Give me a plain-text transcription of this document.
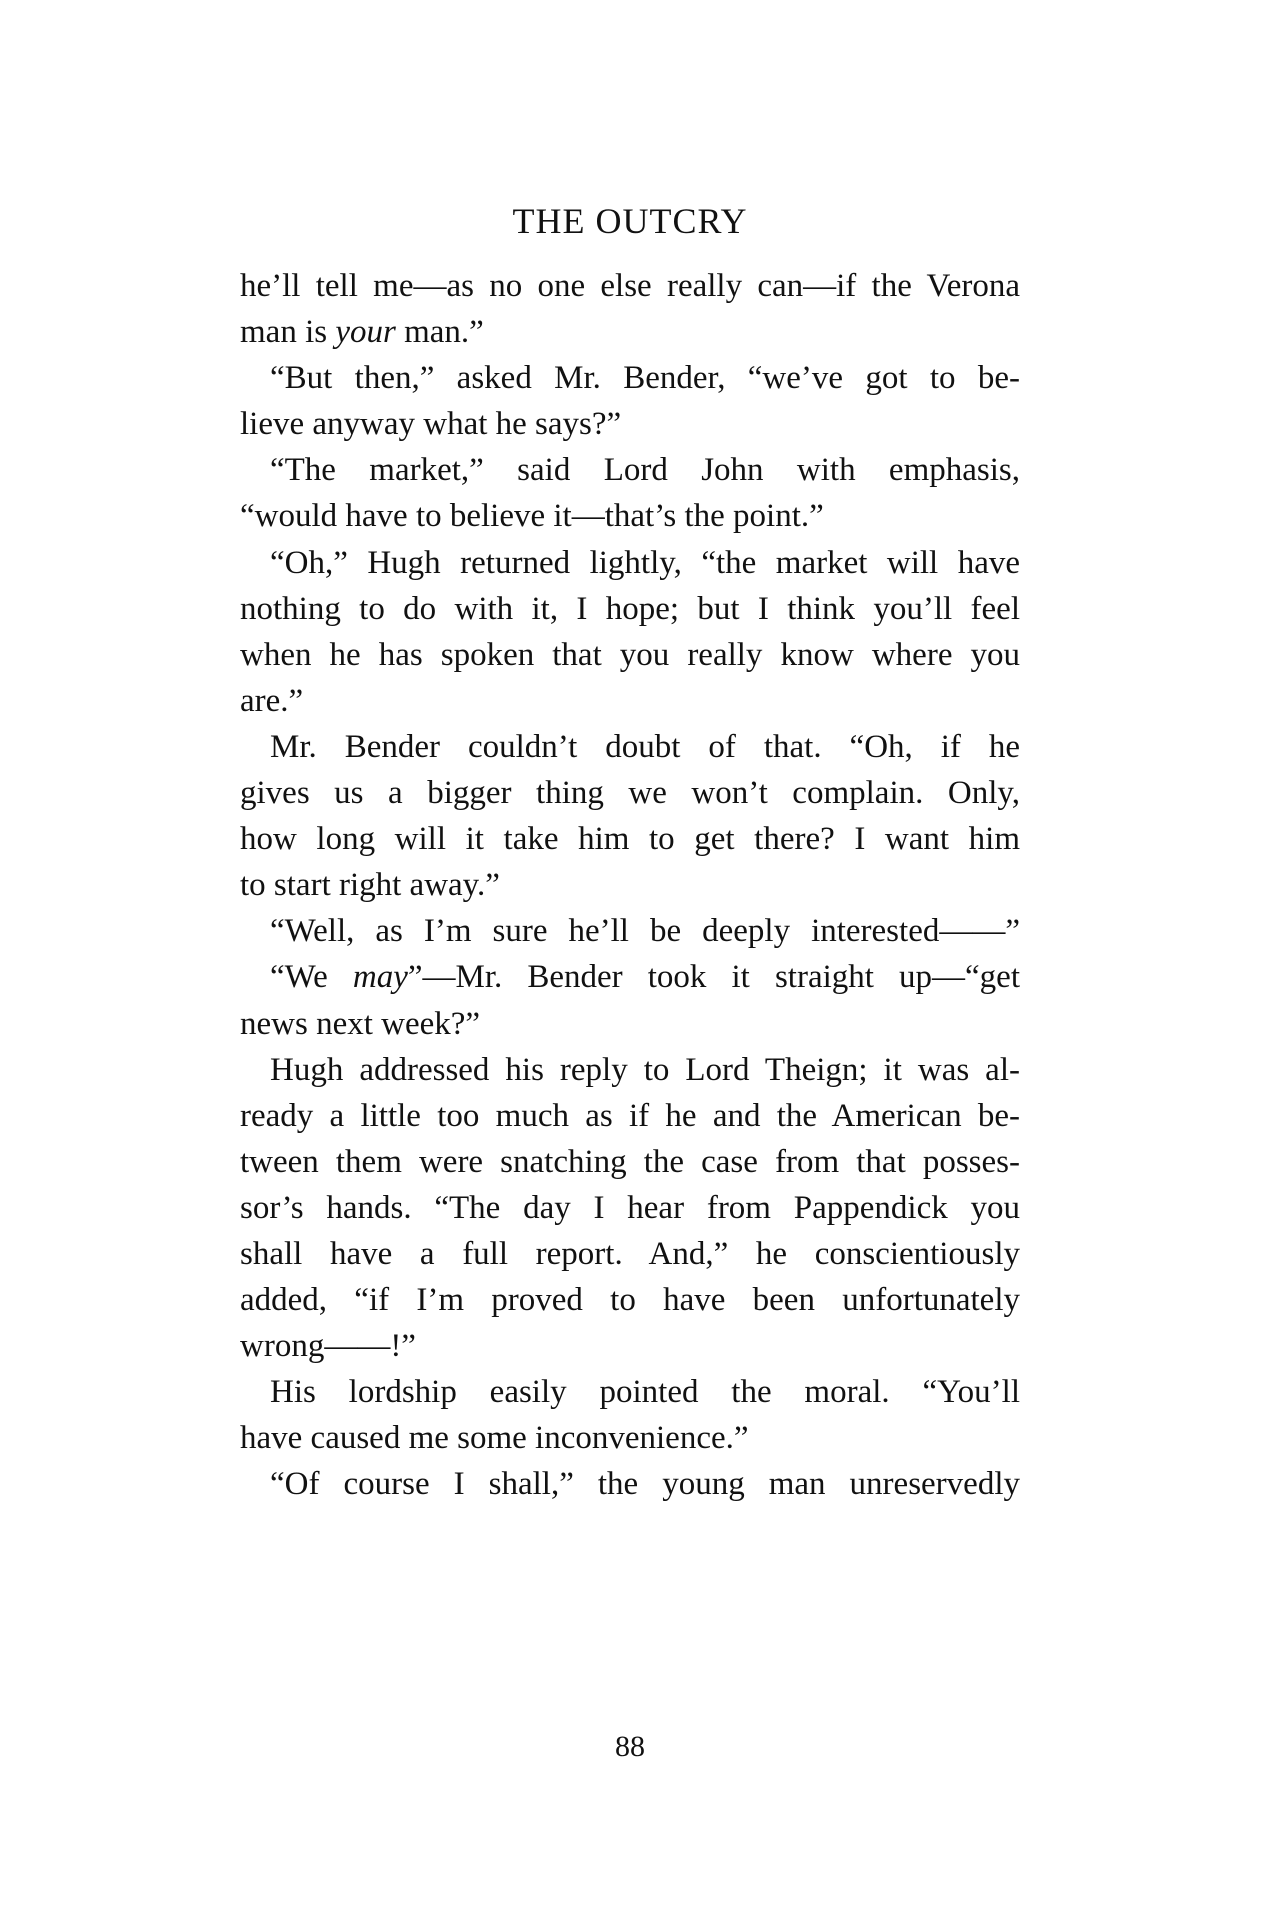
THE OUTCRY
he’ll tell me—as no one else really can—if the Verona
man is your man.”
“But then,” asked Mr. Bender, “we’ve got to be-
lieve anyway what he says?”
“The market,” said Lord John with emphasis,
“would have to believe it—that’s the point.”
“Oh,” Hugh returned lightly, “the market will have
nothing to do with it, I hope; but I think you’ll feel
when he has spoken that you really know where you
are.”
Mr. Bender couldn’t doubt of that. “Oh, if he
gives us a bigger thing we won’t complain. Only,
how long will it take him to get there? I want him
to start right away.”
“Well, as I’m sure he’ll be deeply interested——”
“We may”—Mr. Bender took it straight up—“get
news next week?”
Hugh addressed his reply to Lord Theign; it was al-
ready a little too much as if he and the American be-
tween them were snatching the case from that posses-
sor’s hands. “The day I hear from Pappendick you
shall have a full report. And,” he conscientiously
added, “if I’m proved to have been unfortunately
wrong——!”
His lordship easily pointed the moral. “You’ll
have caused me some inconvenience.”
“Of course I shall,” the young man unreservedly
88
